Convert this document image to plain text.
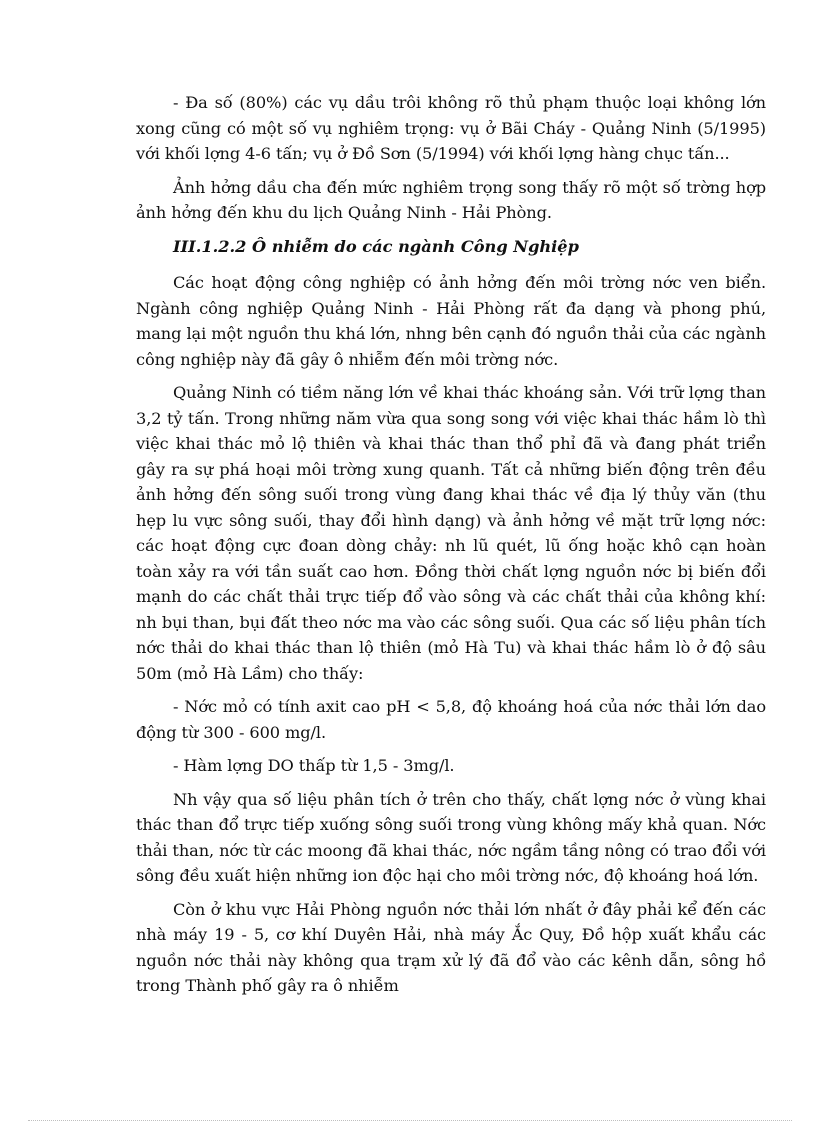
- Đa số (80%) các vụ dầu trôi không rõ thủ phạm thuộc loại không lớn xong cũng có một số vụ nghiêm trọng: vụ ở Bãi Cháy - Quảng Ninh (5/1995) với khối lợng 4-6 tấn; vụ ở Đồ Sơn (5/1994) với khối lợng hàng chục tấn...

Ảnh hởng dầu cha đến mức nghiêm trọng song thấy rõ một số trờng hợp ảnh hởng đến khu du lịch Quảng Ninh - Hải Phòng.

III.1.2.2 Ô nhiễm do các ngành Công Nghiệp

Các hoạt động công nghiệp có ảnh hởng đến môi trờng nớc ven biển. Ngành công nghiệp Quảng Ninh - Hải Phòng rất đa dạng và phong phú, mang lại một nguồn thu khá lớn, nhng bên cạnh đó nguồn thải của các ngành công nghiệp này đã gây ô nhiễm đến môi trờng nớc.

Quảng Ninh có tiềm năng lớn về khai thác khoáng sản. Với trữ lợng than 3,2 tỷ tấn. Trong những năm vừa qua song song với việc khai thác hầm lò thì việc khai thác mỏ lộ thiên và khai thác than thổ phỉ đã và đang phát triển gây ra sự phá hoại môi trờng xung quanh. Tất cả những biến động trên đều ảnh hởng đến sông suối trong vùng đang khai thác về địa lý thủy văn (thu hẹp lu vực sông suối, thay đổi hình dạng) và ảnh hởng về mặt trữ lợng nớc: các hoạt động cực đoan dòng chảy: nh lũ quét, lũ ống hoặc khô cạn hoàn toàn xảy ra với tần suất cao hơn. Đồng thời chất lợng nguồn nớc bị biến đổi mạnh do các chất thải trực tiếp đổ vào sông và các chất thải của không khí: nh bụi than, bụi đất theo nớc ma vào các sông suối. Qua các số liệu phân tích nớc thải do khai thác than lộ thiên (mỏ Hà Tu) và khai thác hầm lò ở độ sâu 50m (mỏ Hà Lầm) cho thấy:

- Nớc mỏ có tính axit cao pH < 5,8, độ khoáng hoá của nớc thải lớn dao động từ 300 - 600 mg/l.

- Hàm lợng DO thấp từ 1,5 - 3mg/l.

Nh vậy qua số liệu phân tích ở trên cho thấy, chất lợng nớc ở vùng khai thác than đổ trực tiếp xuống sông suối trong vùng không mấy khả quan. Nớc thải than, nớc từ các moong đã khai thác, nớc ngầm tầng nông có trao đổi với sông đều xuất hiện những ion độc hại cho môi trờng nớc, độ khoáng hoá lớn.

Còn ở khu vực Hải Phòng nguồn nớc thải lớn nhất ở đây phải kể đến các nhà máy 19 - 5, cơ khí Duyên Hải, nhà máy Ắc Quy, Đồ hộp xuất khẩu các nguồn nớc thải này không qua trạm xử lý đã đổ vào các kênh dẫn, sông hồ trong Thành phố gây ra ô nhiễm
